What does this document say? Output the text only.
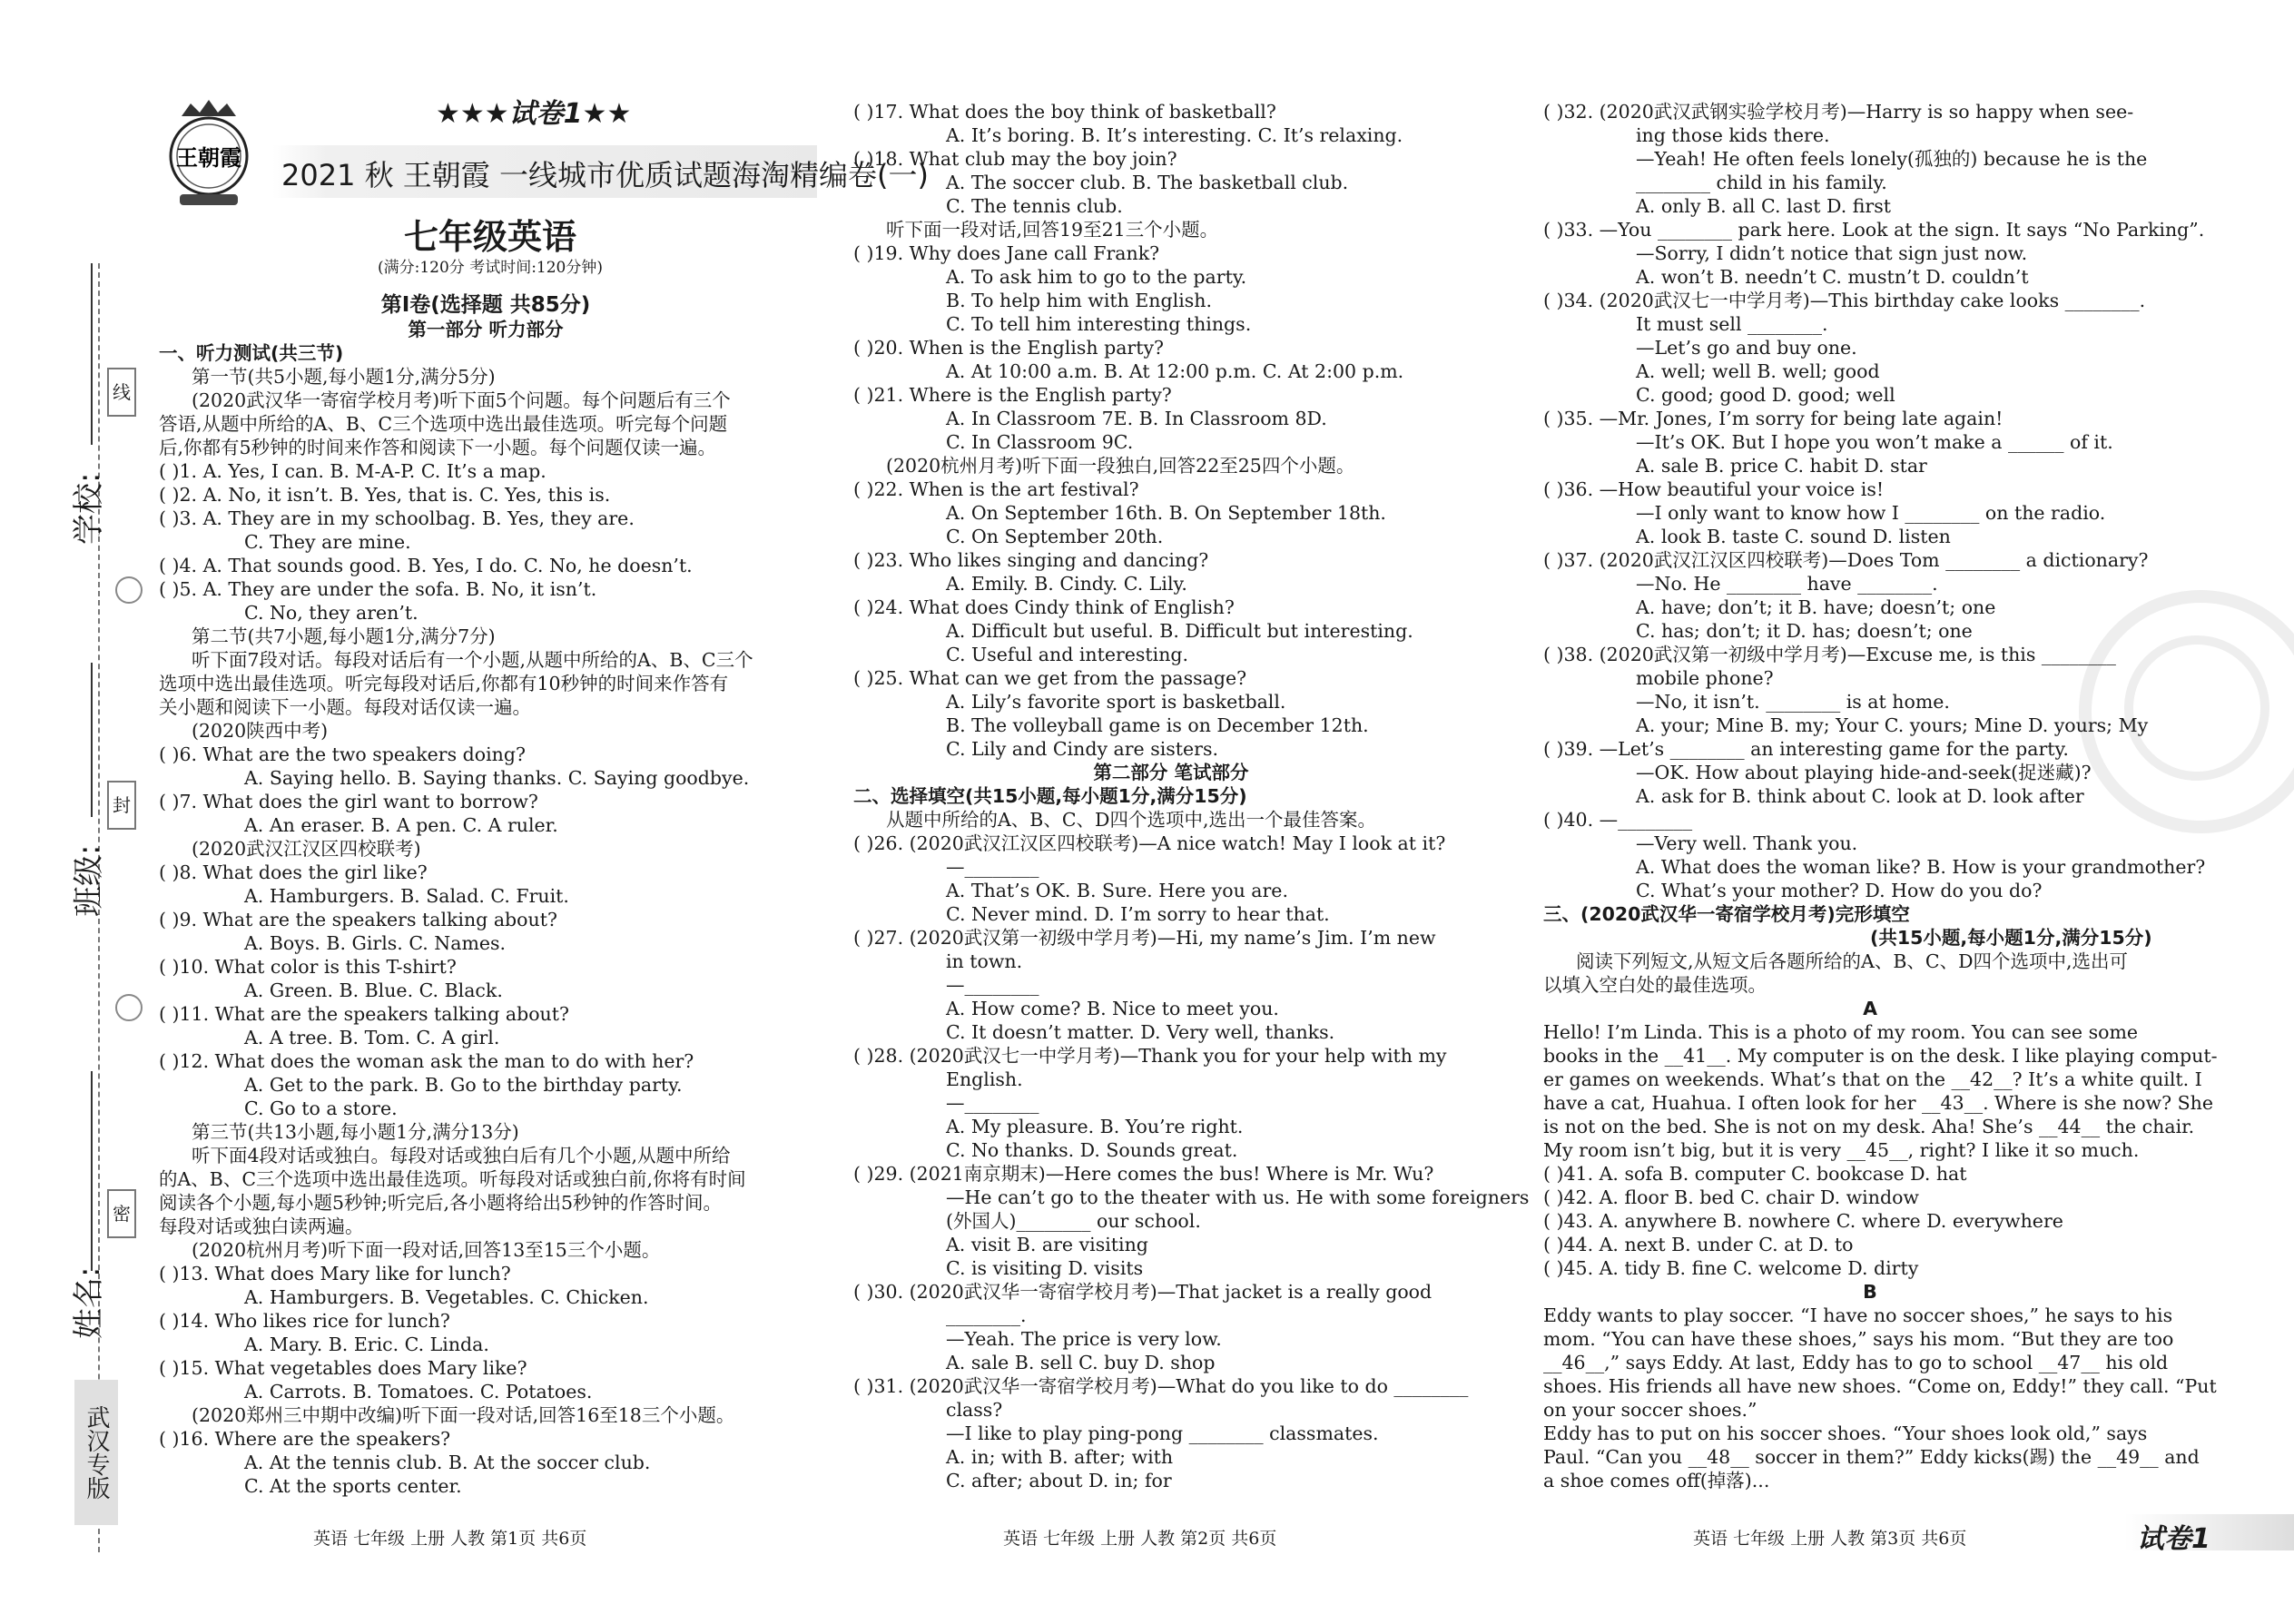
线
封
密
学校:
班级:
姓名:
武汉专版
王朝霞
★★★试卷1★★
2021 秋 王朝霞 一线城市优质试题海淘精编卷(一)
七年级英语
(满分:120分 考试时间:120分钟)
第Ⅰ卷(选择题 共85分)
第一部分 听力部分
一、听力测试(共三节)
第一节(共5小题,每小题1分,满分5分)
(2020武汉华一寄宿学校月考)听下面5个问题。每个问题后有三个
答语,从题中所给的A、B、C三个选项中选出最佳选项。听完每个问题
后,你都有5秒钟的时间来作答和阅读下一小题。每个问题仅读一遍。
( )1. A. Yes, I can. B. M-A-P. C. It’s a map.
( )2. A. No, it isn’t. B. Yes, that is. C. Yes, this is.
( )3. A. They are in my schoolbag. B. Yes, they are.
C. They are mine.
( )4. A. That sounds good. B. Yes, I do. C. No, he doesn’t.
( )5. A. They are under the sofa. B. No, it isn’t.
C. No, they aren’t.
第二节(共7小题,每小题1分,满分7分)
听下面7段对话。每段对话后有一个小题,从题中所给的A、B、C三个
选项中选出最佳选项。听完每段对话后,你都有10秒钟的时间来作答有
关小题和阅读下一小题。每段对话仅读一遍。
(2020陕西中考)
( )6. What are the two speakers doing?
A. Saying hello. B. Saying thanks. C. Saying goodbye.
( )7. What does the girl want to borrow?
A. An eraser. B. A pen. C. A ruler.
(2020武汉江汉区四校联考)
( )8. What does the girl like?
A. Hamburgers. B. Salad. C. Fruit.
( )9. What are the speakers talking about?
A. Boys. B. Girls. C. Names.
( )10. What color is this T-shirt?
A. Green. B. Blue. C. Black.
( )11. What are the speakers talking about?
A. A tree. B. Tom. C. A girl.
( )12. What does the woman ask the man to do with her?
A. Get to the park. B. Go to the birthday party.
C. Go to a store.
第三节(共13小题,每小题1分,满分13分)
听下面4段对话或独白。每段对话或独白后有几个小题,从题中所给
的A、B、C三个选项中选出最佳选项。听每段对话或独白前,你将有时间
阅读各个小题,每小题5秒钟;听完后,各小题将给出5秒钟的作答时间。
每段对话或独白读两遍。
(2020杭州月考)听下面一段对话,回答13至15三个小题。
( )13. What does Mary like for lunch?
A. Hamburgers. B. Vegetables. C. Chicken.
( )14. Who likes rice for lunch?
A. Mary. B. Eric. C. Linda.
( )15. What vegetables does Mary like?
A. Carrots. B. Tomatoes. C. Potatoes.
(2020郑州三中期中改编)听下面一段对话,回答16至18三个小题。
( )16. Where are the speakers?
A. At the tennis club. B. At the soccer club.
C. At the sports center.
( )17. What does the boy think of basketball?
A. It’s boring. B. It’s interesting. C. It’s relaxing.
( )18. What club may the boy join?
A. The soccer club. B. The basketball club.
C. The tennis club.
听下面一段对话,回答19至21三个小题。
( )19. Why does Jane call Frank?
A. To ask him to go to the party.
B. To help him with English.
C. To tell him interesting things.
( )20. When is the English party?
A. At 10:00 a.m. B. At 12:00 p.m. C. At 2:00 p.m.
( )21. Where is the English party?
A. In Classroom 7E. B. In Classroom 8D.
C. In Classroom 9C.
(2020杭州月考)听下面一段独白,回答22至25四个小题。
( )22. When is the art festival?
A. On September 16th. B. On September 18th.
C. On September 20th.
( )23. Who likes singing and dancing?
A. Emily. B. Cindy. C. Lily.
( )24. What does Cindy think of English?
A. Difficult but useful. B. Difficult but interesting.
C. Useful and interesting.
( )25. What can we get from the passage?
A. Lily’s favorite sport is basketball.
B. The volleyball game is on December 12th.
C. Lily and Cindy are sisters.
第二部分 笔试部分
二、选择填空(共15小题,每小题1分,满分15分)
从题中所给的A、B、C、D四个选项中,选出一个最佳答案。
( )26. (2020武汉江汉区四校联考)—A nice watch! May I look at it?
—________
A. That’s OK. B. Sure. Here you are.
C. Never mind. D. I’m sorry to hear that.
( )27. (2020武汉第一初级中学月考)—Hi, my name’s Jim. I’m new
in town.
—________
A. How come? B. Nice to meet you.
C. It doesn’t matter. D. Very well, thanks.
( )28. (2020武汉七一中学月考)—Thank you for your help with my
English.
—________
A. My pleasure. B. You’re right.
C. No thanks. D. Sounds great.
( )29. (2021南京期末)—Here comes the bus! Where is Mr. Wu?
—He can’t go to the theater with us. He with some foreigners
(外国人)________ our school.
A. visit B. are visiting
C. is visiting D. visits
( )30. (2020武汉华一寄宿学校月考)—That jacket is a really good
________.
—Yeah. The price is very low.
A. sale B. sell C. buy D. shop
( )31. (2020武汉华一寄宿学校月考)—What do you like to do ________
class?
—I like to play ping-pong ________ classmates.
A. in; with B. after; with
C. after; about D. in; for
( )32. (2020武汉武钢实验学校月考)—Harry is so happy when see-
ing those kids there.
—Yeah! He often feels lonely(孤独的) because he is the
________ child in his family.
A. only B. all C. last D. first
( )33. —You ________ park here. Look at the sign. It says “No Parking”.
—Sorry, I didn’t notice that sign just now.
A. won’t B. needn’t C. mustn’t D. couldn’t
( )34. (2020武汉七一中学月考)—This birthday cake looks ________.
It must sell ________.
—Let’s go and buy one.
A. well; well B. well; good
C. good; good D. good; well
( )35. —Mr. Jones, I’m sorry for being late again!
—It’s OK. But I hope you won’t make a ______ of it.
A. sale B. price C. habit D. star
( )36. —How beautiful your voice is!
—I only want to know how I ________ on the radio.
A. look B. taste C. sound D. listen
( )37. (2020武汉江汉区四校联考)—Does Tom ________ a dictionary?
—No. He ________ have ________.
A. have; don’t; it B. have; doesn’t; one
C. has; don’t; it D. has; doesn’t; one
( )38. (2020武汉第一初级中学月考)—Excuse me, is this ________
mobile phone?
—No, it isn’t. ________ is at home.
A. your; Mine B. my; Your C. yours; Mine D. yours; My
( )39. —Let’s ________ an interesting game for the party.
—OK. How about playing hide-and-seek(捉迷藏)?
A. ask for B. think about C. look at D. look after
( )40. —________
—Very well. Thank you.
A. What does the woman like? B. How is your grandmother?
C. What’s your mother? D. How do you do?
三、(2020武汉华一寄宿学校月考)完形填空
(共15小题,每小题1分,满分15分)
阅读下列短文,从短文后各题所给的A、B、C、D四个选项中,选出可
以填入空白处的最佳选项。
A
Hello! I’m Linda. This is a photo of my room. You can see some
books in the __41__. My computer is on the desk. I like playing comput-
er games on weekends. What’s that on the __42__? It’s a white quilt. I
have a cat, Huahua. I often look for her __43__. Where is she now? She
is not on the bed. She is not on my desk. Aha! She’s __44__ the chair.
My room isn’t big, but it is very __45__, right? I like it so much.
( )41. A. sofa B. computer C. bookcase D. hat
( )42. A. floor B. bed C. chair D. window
( )43. A. anywhere B. nowhere C. where D. everywhere
( )44. A. next B. under C. at D. to
( )45. A. tidy B. fine C. welcome D. dirty
B
Eddy wants to play soccer. “I have no soccer shoes,” he says to his
mom. “You can have these shoes,” says his mom. “But they are too
__46__,” says Eddy. At last, Eddy has to go to school __47__ his old
shoes. His friends all have new shoes. “Come on, Eddy!” they call. “Put
on your soccer shoes.”
Eddy has to put on his soccer shoes. “Your shoes look old,” says
Paul. “Can you __48__ soccer in them?” Eddy kicks(踢) the __49__ and
a shoe comes off(掉落)...
英语 七年级 上册 人教 第1页 共6页	英语 七年级 上册 人教 第2页 共6页	英语 七年级 上册 人教 第3页 共6页	试卷1
